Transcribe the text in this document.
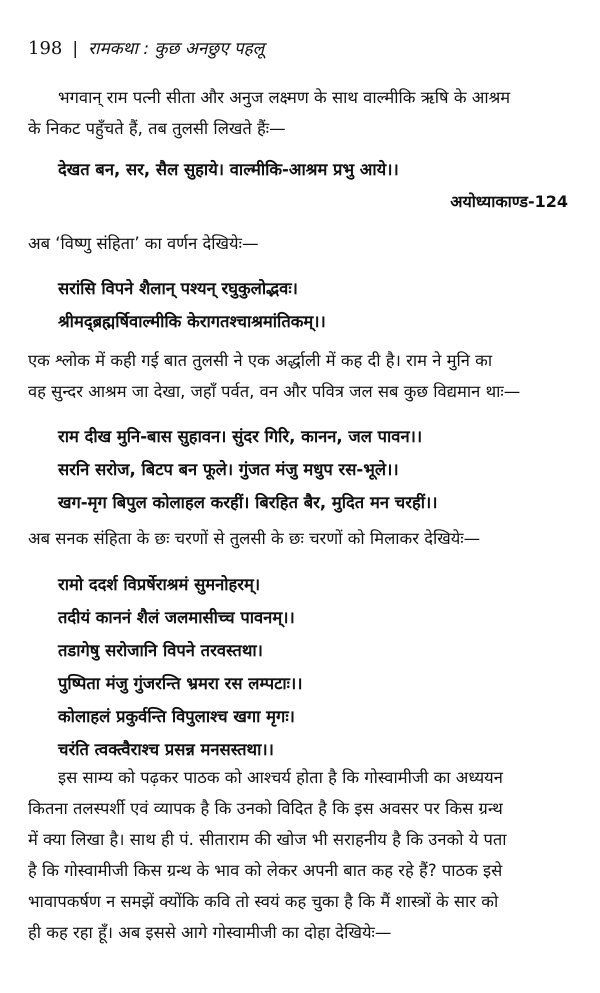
198 | रामकथा : कुछ अनछुए पहलू

भगवान् राम पत्नी सीता और अनुज लक्ष्मण के साथ वाल्मीकि ऋषि के आश्रम
के निकट पहुँचते हैं, तब तुलसी लिखते हैंः—

देखत बन, सर, सैल सुहाये। वाल्मीकि-आश्रम प्रभु आये।।
अयोध्याकाण्ड-124

अब ‘विष्णु संहिता’ का वर्णन देखियेः—

सरांसि विपने शैलान् पश्यन् रघुकुलोद्भवः।
श्रीमद्ब्रह्मर्षिवाल्मीकि केरागतश्चाश्रमांतिकम्।।

एक श्लोक में कही गई बात तुलसी ने एक अर्द्धाली में कह दी है। राम ने मुनि का
वह सुन्दर आश्रम जा देखा, जहाँ पर्वत, वन और पवित्र जल सब कुछ विद्यमान थाः—

राम दीख मुनि-बास सुहावन। सुंदर गिरि, कानन, जल पावन।।
सरनि सरोज, बिटप बन फूले। गुंजत मंजु मधुप रस-भूले।।
खग-मृग बिपुल कोलाहल करहीं। बिरहित बैर, मुदित मन चरहीं।।

अब सनक संहिता के छः चरणों से तुलसी के छः चरणों को मिलाकर देखियेः—

रामो ददर्श विप्रर्षेराश्रमं सुमनोहरम्।
तदीयं काननं शैलं जलमासीच्च पावनम्।।
तडागेषु सरोजानि विपने तरवस्तथा।
पुष्पिता मंजु गुंजरन्ति भ्रमरा रस लम्पटाः।।
कोलाहलं प्रकुर्वन्ति विपुलाश्च खगा मृगः।
चरंति त्वक्त्वैराश्च प्रसन्न मनसस्तथा।।

इस साम्य को पढ़कर पाठक को आश्चर्य होता है कि गोस्वामीजी का अध्ययन
कितना तलस्पर्शी एवं व्यापक है कि उनको विदित है कि इस अवसर पर किस ग्रन्थ
में क्या लिखा है। साथ ही पं. सीताराम की खोज भी सराहनीय है कि उनको ये पता
है कि गोस्वामीजी किस ग्रन्थ के भाव को लेकर अपनी बात कह रहे हैं? पाठक इसे
भावापकर्षण न समझें क्योंकि कवि तो स्वयं कह चुका है कि मैं शास्त्रों के सार को
ही कह रहा हूँ। अब इससे आगे गोस्वामीजी का दोहा देखियेः—
